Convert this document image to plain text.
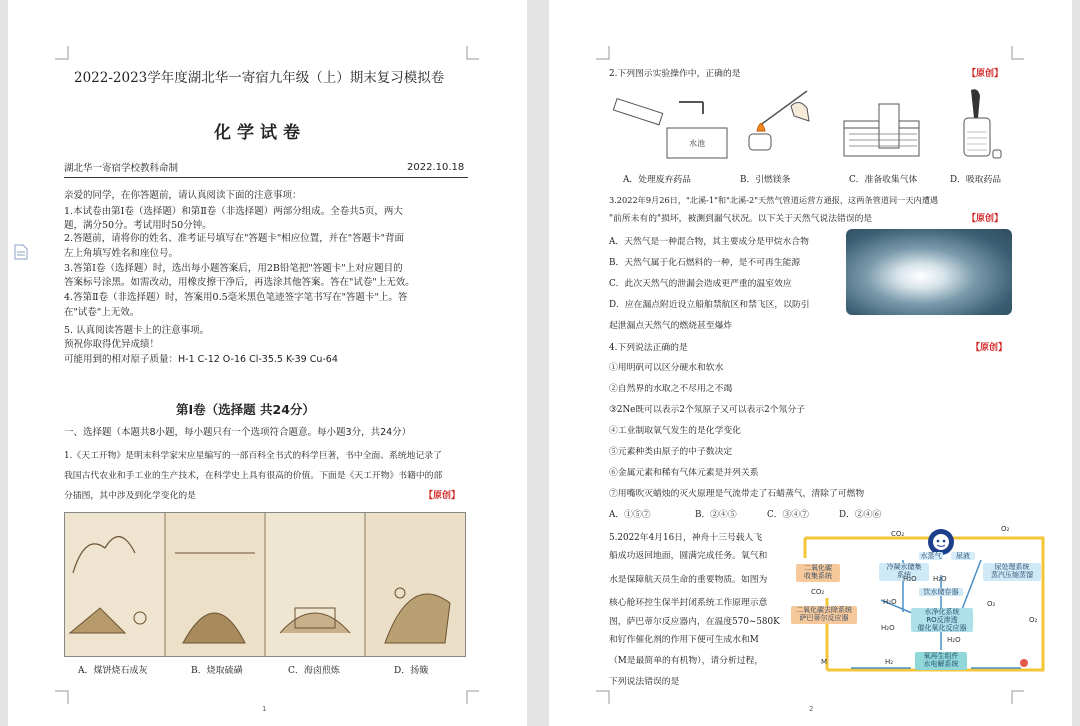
2022-2023学年度湖北华一寄宿九年级（上）期末复习模拟卷
化学试卷
湖北华一寄宿学校教科命制	2022.10.18
亲爱的同学，在你答题前，请认真阅读下面的注意事项：
1.本试卷由第Ⅰ卷（选择题）和第Ⅱ卷（非选择题）两部分组成。全卷共5页，两大
题，满分50分。考试用时50分钟。
2.答题前，请将你的姓名、准考证号填写在"答题卡"相应位置，并在"答题卡"背面
左上角填写姓名和座位号。
3.答第Ⅰ卷（选择题）时，选出每小题答案后，用2B铅笔把"答题卡"上对应题目的
答案标号涂黑。如需改动，用橡皮擦干净后，再选涂其他答案。答在"试卷"上无效。
4.答第Ⅱ卷（非选择题）时，答案用0.5毫米黑色笔迹签字笔书写在"答题卡"上。答
在"试卷"上无效。
5. 认真阅读答题卡上的注意事项。
预祝你取得优异成绩！
可能用到的相对原子质量：H-1 C-12 O-16 Cl-35.5 K-39 Cu-64
第Ⅰ卷（选择题 共24分）
一、选择题（本题共8小题，每小题只有一个选项符合题意。每小题3分，共24分）
1.《天工开物》是明末科学家宋应星编写的一部百科全书式的科学巨著，书中全面、系统地记录了
我国古代农业和手工业的生产技术，在科学史上具有很高的价值。下面是《天工开物》书籍中的部
分插图，其中涉及到化学变化的是	【原创】
A．煤饼烧石成灰	B．烧取硫磺	C．海卤煎炼	D．扬簸
1
2.下列图示实验操作中，正确的是	【原创】
水池
A．处理废弃药品	B．引燃镁条	C．准备收集气体	D．吸取药品
3.2022年9月26日，"北溪-1"和"北溪-2"天然气管道运营方通报，这两条管道同一天内遭遇
"前所未有的"损坏，被测到漏气状况。以下关于天然气说法错误的是	【原创】
A．天然气是一种混合物，其主要成分是甲烷水合物
B．天然气属于化石燃料的一种，是不可再生能源
C．此次天然气的泄漏会造成更严重的温室效应
D．应在漏点附近设立船舶禁航区和禁飞区，以防引
起泄漏点天然气的燃烧甚至爆炸
4.下列说法正确的是	【原创】
①用明矾可以区分硬水和软水
②自然界的水取之不尽用之不竭
③2Ne既可以表示2个氖原子又可以表示2个氖分子
④工业制取氧气发生的是化学变化
⑤元素种类由原子的中子数决定
⑥金属元素和稀有气体元素是并列关系
⑦用嘴吹灭蜡烛的灭火原理是气流带走了石蜡蒸气，清除了可燃物
A．①⑤⑦	B．②④⑤	C．③④⑦	D．②④⑥
5.2022年4月16日，神舟十三号载人飞
船成功返回地面，圆满完成任务。氧气和
水是保障航天员生命的重要物质。如图为
核心舱环控生保半封闭系统工作原理示意
图，萨巴蒂尔反应器内，在温度570~580K
和钌作催化剂的作用下便可生成水和M
（M是最简单的有机物），请分析过程，
下列说法错误的是
水蒸气	尿液
二氧化碳
收集系统
冷凝水储集
系统
尿处理系统
蒸汽压缩蒸馏
饮水储存器
水净化系统
RO反渗透
催化氧化反应器
二氧化碳去除系统
萨巴蒂尔反应器
氧再生组件
水电解系统
CO₂
O₂
H₂O
H₂O
H₂O
H₂O
H₂O
CO₂
O₂
O₂
H₂
M
2
